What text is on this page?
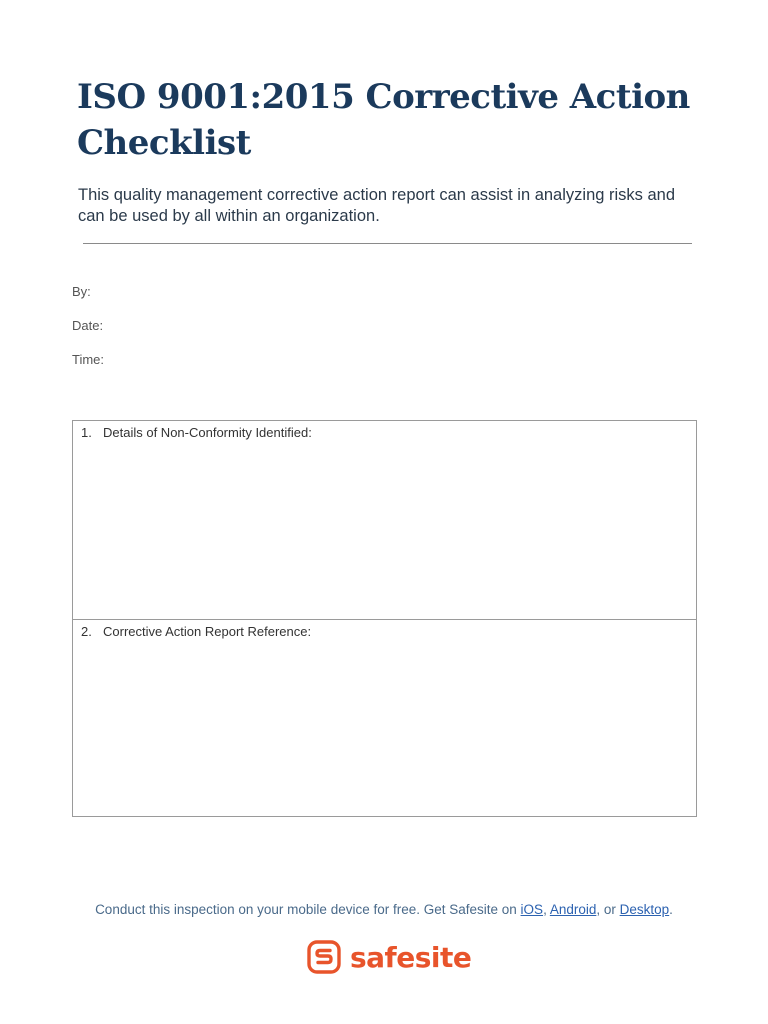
ISO 9001:2015 Corrective Action Checklist
This quality management corrective action report can assist in analyzing risks and can be used by all within an organization.
By:
Date:
Time:
1. Details of Non-Conformity Identified:
2. Corrective Action Report Reference:
Conduct this inspection on your mobile device for free. Get Safesite on iOS, Android, or Desktop.
safesite
